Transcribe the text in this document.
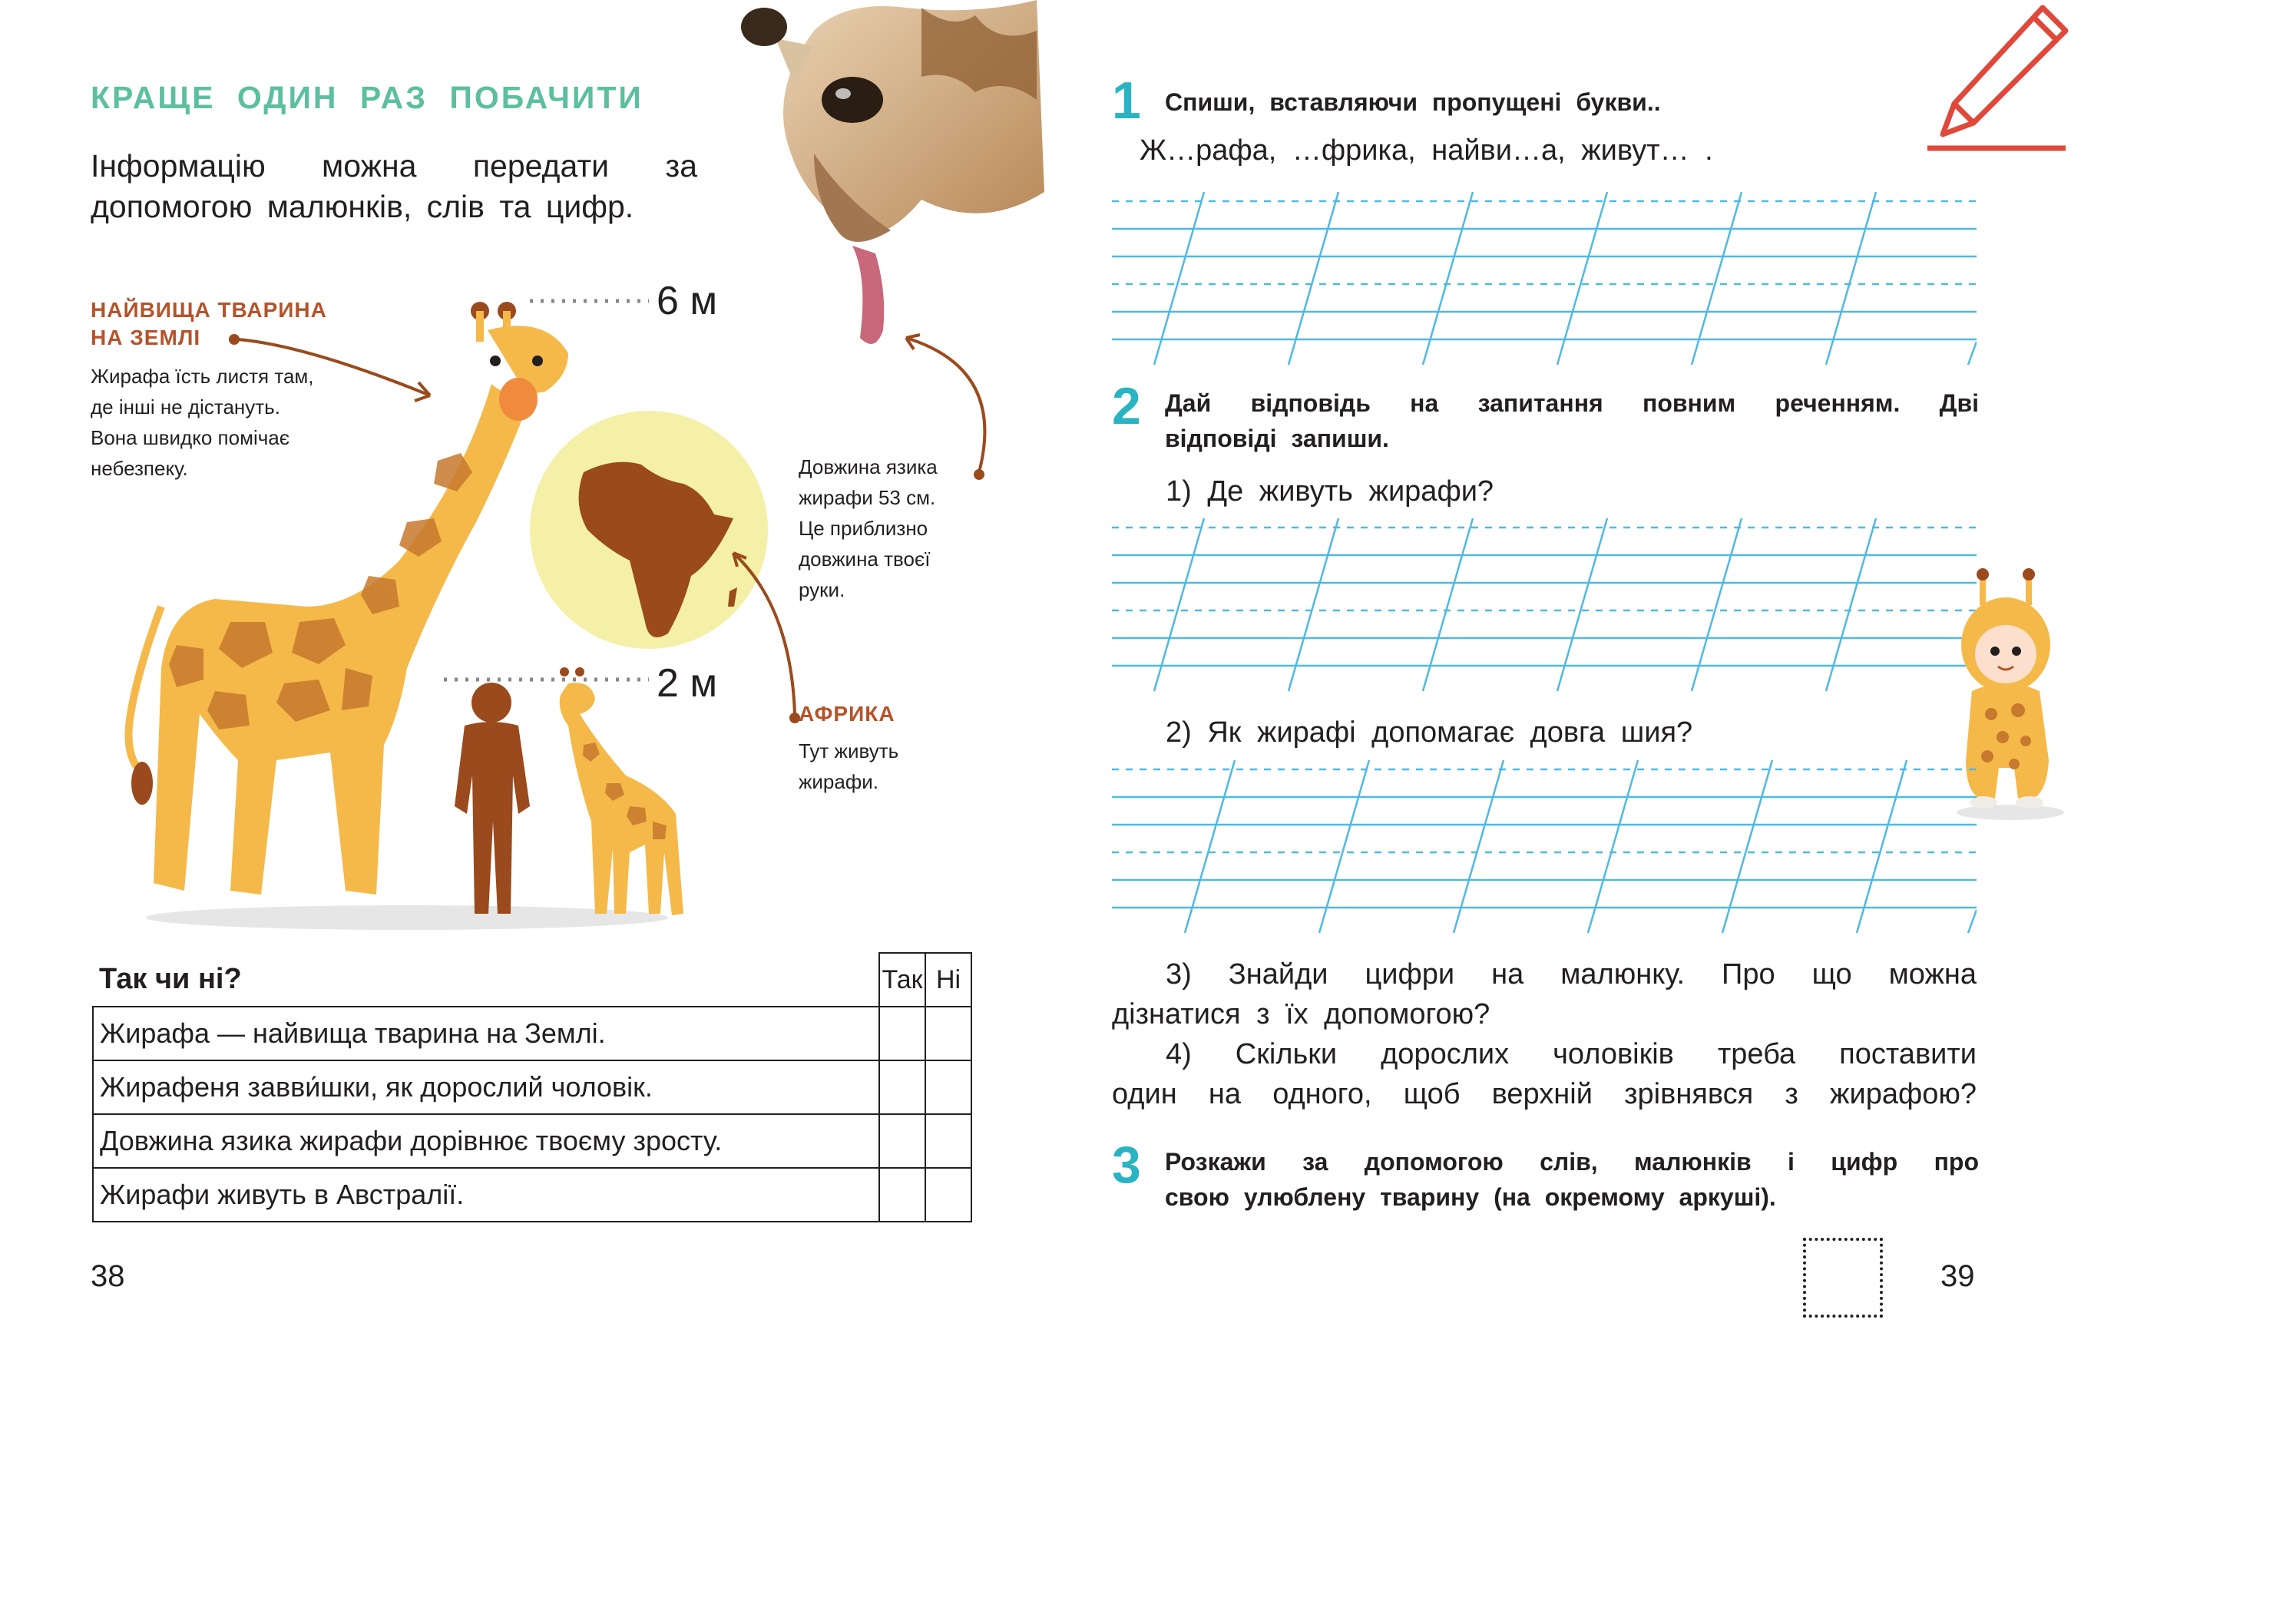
КРАЩЕ ОДИН РАЗ ПОБАЧИТИ
Інформацію можна передати за допомогою малюнків, слів та цифр.
НАЙВИЩА ТВАРИНА
НА ЗЕМЛІ
Жирафа їсть листя там,
де інші не дістануть.
Вона швидко помічає
небезпеку.
6 м
2 м
Довжина язика
жирафи 53 см.
Це приблизно
довжина твоєї
руки.
АФРИКА
Тут живуть
жирафи.
Так чи ні?	Так	Ні
Жирафа — найвища тварина на Землі.		
Жирафеня завви́шки, як дорослий чоловік.		
Довжина язика жирафи дорівнює твоєму зросту.		
Жирафи живуть в Австралії.		
38
1 Спиши, вставляючи пропущені букви..
Ж…рафа, …фрика, найви…а, живут… .
2 Дай відповідь на запитання повним реченням. Дві
відповіді запиши.
1) Де живуть жирафи?
2) Як жирафі допомагає довга шия?
3) Знайди цифри на малюнку. Про що можна
дізнатися з їх допомогою?
4) Скільки дорослих чоловіків треба поставити
один на одного, щоб верхній зрівнявся з жирафою?
3 Розкажи за допомогою слів, малюнків і цифр про
свою улюблену тварину (на окремому аркуші).
39
